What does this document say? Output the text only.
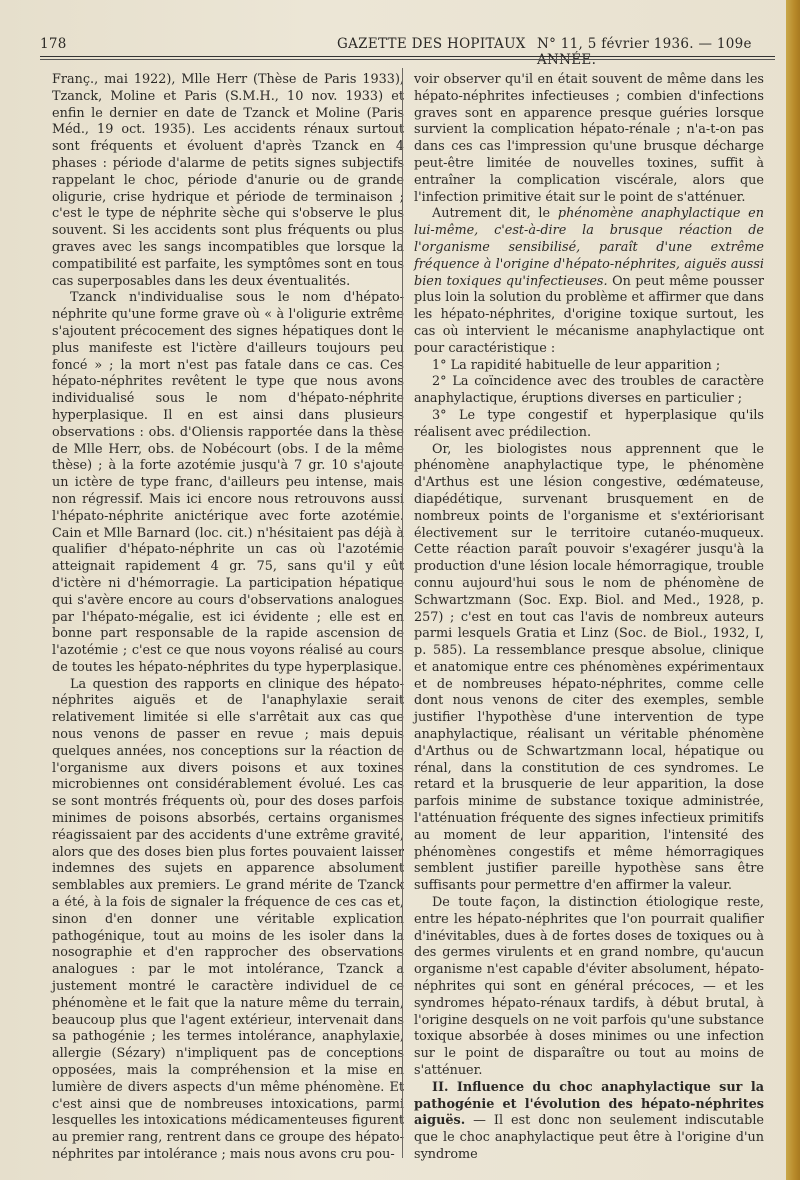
178	GAZETTE DES HOPITAUX N° 11, 5 février 1936. — 109e ANNÉE.

Franç., mai 1922), Mlle Herr (Thèse de Paris 1933), Tzanck, Moline et Paris (S.M.H., 10 nov. 1933) et enfin le dernier en date de Tzanck et Moline (Paris Méd., 19 oct. 1935). Les accidents rénaux surtout sont fréquents et évoluent d'après Tzanck en 4 phases : période d'alarme de petits signes subjectifs rappelant le choc, période d'anurie ou de grande oligurie, crise hydrique et période de terminaison ; c'est le type de néphrite sèche qui s'observe le plus souvent. Si les accidents sont plus fréquents ou plus graves avec les sangs incompatibles que lorsque la compatibilité est parfaite, les symptômes sont en tous cas superposables dans les deux éventualités.

Tzanck n'individualise sous le nom d'hépato-néphrite qu'une forme grave où « à l'oligurie extrême s'ajoutent précocement des signes hépatiques dont le plus manifeste est l'ictère d'ailleurs toujours peu foncé » ; la mort n'est pas fatale dans ce cas. Ces hépato-néphrites revêtent le type que nous avons individualisé sous le nom d'hépato-néphrite hyperplasique. Il en est ainsi dans plusieurs observations : obs. d'Oliensis rapportée dans la thèse de Mlle Herr, obs. de Nobécourt (obs. I de la même thèse) ; à la forte azotémie jusqu'à 7 gr. 10 s'ajoute un ictère de type franc, d'ailleurs peu intense, mais non régressif. Mais ici encore nous retrouvons aussi l'hépato-néphrite anictérique avec forte azotémie. Cain et Mlle Barnard (loc. cit.) n'hésitaient pas déjà à qualifier d'hépato-néphrite un cas où l'azotémie atteignait rapidement 4 gr. 75, sans qu'il y eût d'ictère ni d'hémorragie. La participation hépatique qui s'avère encore au cours d'observations analogues par l'hépato-mégalie, est ici évidente ; elle est en bonne part responsable de la rapide ascension de l'azotémie ; c'est ce que nous voyons réalisé au cours de toutes les hépato-néphrites du type hyperplasique.

La question des rapports en clinique des hépato-néphrites aiguës et de l'anaphylaxie serait relativement limitée si elle s'arrêtait aux cas que nous venons de passer en revue ; mais depuis quelques années, nos conceptions sur la réaction de l'organisme aux divers poisons et aux toxines microbiennes ont considérablement évolué. Les cas se sont montrés fréquents où, pour des doses parfois minimes de poisons absorbés, certains organismes réagissaient par des accidents d'une extrême gravité, alors que des doses bien plus fortes pouvaient laisser indemnes des sujets en apparence absolument semblables aux premiers. Le grand mérite de Tzanck a été, à la fois de signaler la fréquence de ces cas et, sinon d'en donner une véritable explication pathogénique, tout au moins de les isoler dans la nosographie et d'en rapprocher des observations analogues : par le mot intolérance, Tzanck a justement montré le caractère individuel de ce phénomène et le fait que la nature même du terrain, beaucoup plus que l'agent extérieur, intervenait dans sa pathogénie ; les termes intolérance, anaphylaxie, allergie (Sézary) n'impliquent pas de conceptions opposées, mais la compréhension et la mise en lumière de divers aspects d'un même phénomène. Et c'est ainsi que de nombreuses intoxications, parmi lesquelles les intoxications médicamenteuses figurent au premier rang, rentrent dans ce groupe des hépato-néphrites par intolérance ; mais nous avons cru pou-

voir observer qu'il en était souvent de même dans les hépato-néphrites infectieuses ; combien d'infections graves sont en apparence presque guéries lorsque survient la complication hépato-rénale ; n'a-t-on pas dans ces cas l'impression qu'une brusque décharge peut-être limitée de nouvelles toxines, suffit à entraîner la complication viscérale, alors que l'infection primitive était sur le point de s'atténuer.

Autrement dit, le phénomène anaphylactique en lui-même, c'est-à-dire la brusque réaction de l'organisme sensibilisé, paraît d'une extrême fréquence à l'origine d'hépato-néphrites, aiguës aussi bien toxiques qu'infectieuses. On peut même pousser plus loin la solution du problème et affirmer que dans les hépato-néphrites, d'origine toxique surtout, les cas où intervient le mécanisme anaphylactique ont pour caractéristique :

1° La rapidité habituelle de leur apparition ;

2° La coïncidence avec des troubles de caractère anaphylactique, éruptions diverses en particulier ;

3° Le type congestif et hyperplasique qu'ils réalisent avec prédilection.

Or, les biologistes nous apprennent que le phénomène anaphylactique type, le phénomène d'Arthus est une lésion congestive, œdémateuse, diapédétique, survenant brusquement en de nombreux points de l'organisme et s'extériorisant électivement sur le territoire cutanéo-muqueux. Cette réaction paraît pouvoir s'exagérer jusqu'à la production d'une lésion locale hémorragique, trouble connu aujourd'hui sous le nom de phénomène de Schwartzmann (Soc. Exp. Biol. and Med., 1928, p. 257) ; c'est en tout cas l'avis de nombreux auteurs parmi lesquels Gratia et Linz (Soc. de Biol., 1932, I, p. 585). La ressemblance presque absolue, clinique et anatomique entre ces phénomènes expérimentaux et de nombreuses hépato-néphrites, comme celle dont nous venons de citer des exemples, semble justifier l'hypothèse d'une intervention de type anaphylactique, réalisant un véritable phénomène d'Arthus ou de Schwartzmann local, hépatique ou rénal, dans la constitution de ces syndromes. Le retard et la brusquerie de leur apparition, la dose parfois minime de substance toxique administrée, l'atténuation fréquente des signes infectieux primitifs au moment de leur apparition, l'intensité des phénomènes congestifs et même hémorragiques semblent justifier pareille hypothèse sans être suffisants pour permettre d'en affirmer la valeur.

De toute façon, la distinction étiologique reste, entre les hépato-néphrites que l'on pourrait qualifier d'inévitables, dues à de fortes doses de toxiques ou à des germes virulents et en grand nombre, qu'aucun organisme n'est capable d'éviter absolument, hépato-néphrites qui sont en général précoces, — et les syndromes hépato-rénaux tardifs, à début brutal, à l'origine desquels on ne voit parfois qu'une substance toxique absorbée à doses minimes ou une infection sur le point de disparaître ou tout au moins de s'atténuer.

II. Influence du choc anaphylactique sur la pathogénie et l'évolution des hépato-néphrites aiguës. — Il est donc non seulement indiscutable que le choc anaphylactique peut être à l'origine d'un syndrome
